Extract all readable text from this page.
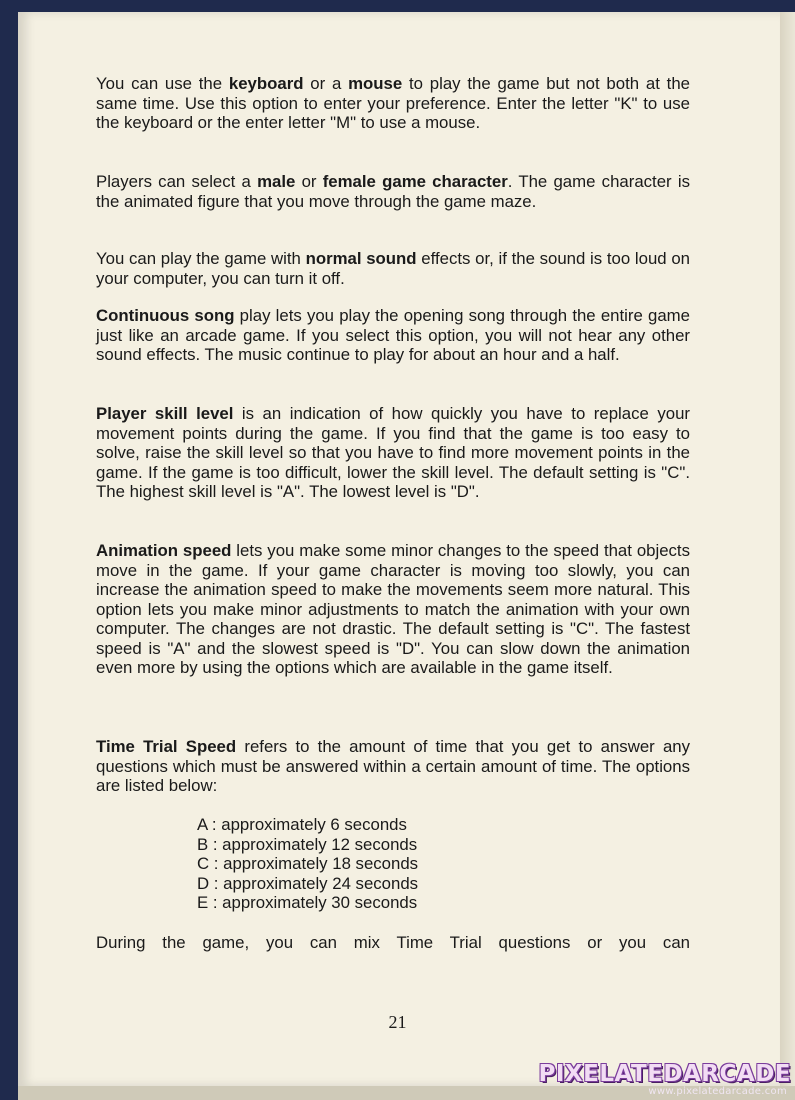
You can use the keyboard or a mouse to play the game but not both at the same time. Use this option to enter your preference. Enter the letter "K" to use the keyboard or the enter letter "M" to use a mouse.
Players can select a male or female game character. The game character is the animated figure that you move through the game maze.
You can play the game with normal sound effects or, if the sound is too loud on your computer, you can turn it off.
Continuous song play lets you play the opening song through the entire game just like an arcade game. If you select this option, you will not hear any other sound effects. The music continue to play for about an hour and a half.
Player skill level is an indication of how quickly you have to replace your movement points during the game. If you find that the game is too easy to solve, raise the skill level so that you have to find more movement points in the game. If the game is too difficult, lower the skill level. The default setting is "C". The highest skill level is "A". The lowest level is "D".
Animation speed lets you make some minor changes to the speed that objects move in the game. If your game character is moving too slowly, you can increase the animation speed to make the movements seem more natural. This option lets you make minor adjustments to match the animation with your own computer. The changes are not drastic. The default setting is "C". The fastest speed is "A" and the slowest speed is "D". You can slow down the animation even more by using the options which are available in the game itself.
Time Trial Speed refers to the amount of time that you get to answer any questions which must be answered within a certain amount of time. The options are listed below:
A : approximately 6 seconds
B : approximately 12 seconds
C : approximately 18 seconds
D : approximately 24 seconds
E : approximately 30 seconds
During the game, you can mix Time Trial questions or you can
21
PIXELATEDARCADE
www.pixelatedarcade.com
